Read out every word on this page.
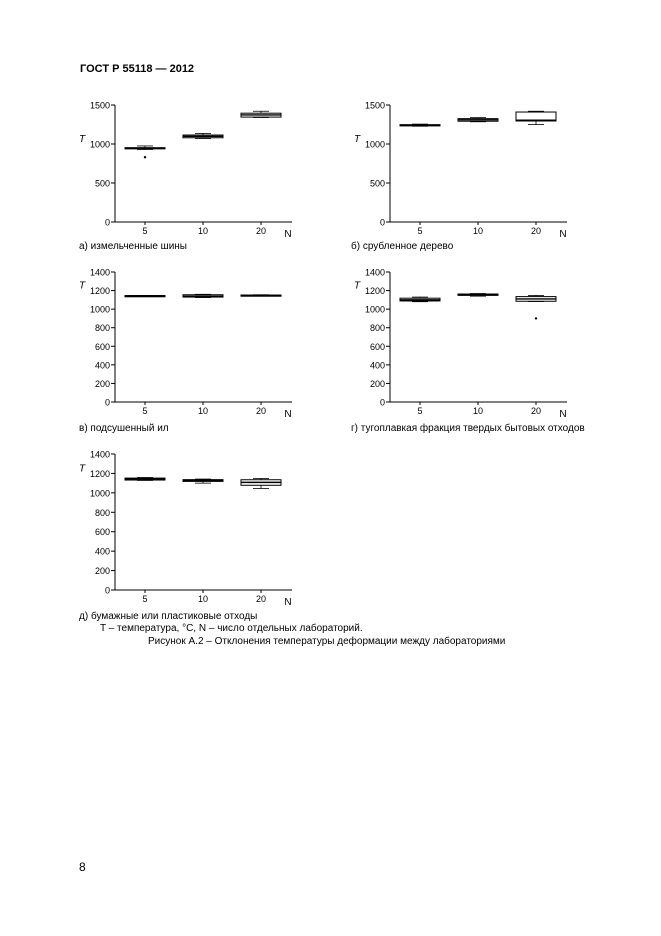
ГОСТ Р 55118 — 2012
0
500
1000
1500
T
5	10	20 N
а) измельченные шины
0
500
1000
1500
T
5	10	20 N
б) срубленное дерево
0
200
400
600
800
1000
1200
1400
T
5	10	20 N
в) подсушенный ил
0
200
400
600
800
1000
1200
1400
T
5	10	20 N
г) тугоплавкая фракция твердых бытовых отходов
0
200
400
600
800
1000
1200
1400
T
5	10	20 N
д) бумажные или пластиковые отходы
T – температура, °C, N – число отдельных лабораторий.
Рисунок А.2 – Отклонения температуры деформации между лабораториями
8
